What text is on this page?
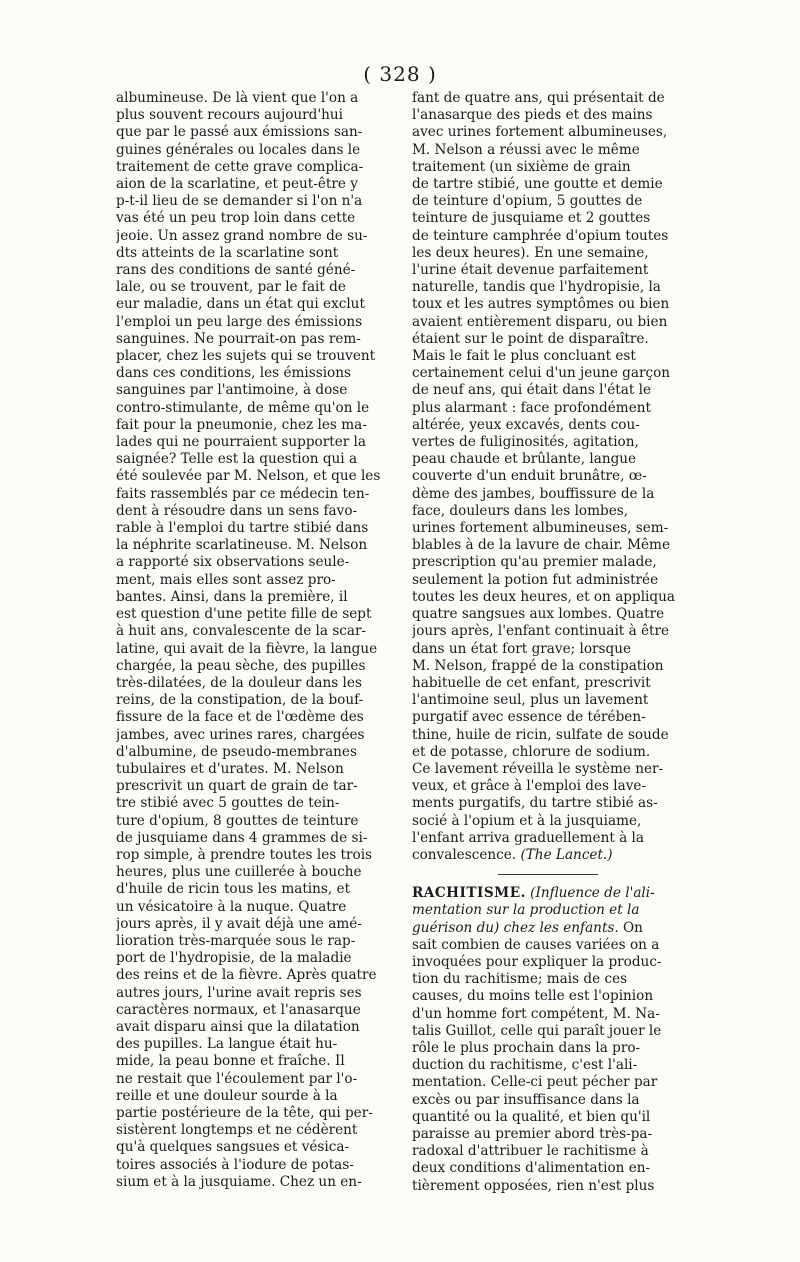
( 328 )
albumineuse. De là vient que l'on a
plus souvent recours aujourd'hui
que par le passé aux émissions san-
guines générales ou locales dans le
traitement de cette grave complica-
aion de la scarlatine, et peut-être y
p-t-il lieu de se demander si l'on n'a
vas été un peu trop loin dans cette
jeoie. Un assez grand nombre de su-
dts atteints de la scarlatine sont
rans des conditions de santé géné-
lale, ou se trouvent, par le fait de
eur maladie, dans un état qui exclut
l'emploi un peu large des émissions
sanguines. Ne pourrait-on pas rem-
placer, chez les sujets qui se trouvent
dans ces conditions, les émissions
sanguines par l'antimoine, à dose
contro-stimulante, de même qu'on le
fait pour la pneumonie, chez les ma-
lades qui ne pourraient supporter la
saignée? Telle est la question qui a
été soulevée par M. Nelson, et que les
faits rassemblés par ce médecin ten-
dent à résoudre dans un sens favo-
rable à l'emploi du tartre stibié dans
la néphrite scarlatineuse. M. Nelson
a rapporté six observations seule-
ment, mais elles sont assez pro-
bantes. Ainsi, dans la première, il
est question d'une petite fille de sept
à huit ans, convalescente de la scar-
latine, qui avait de la fièvre, la langue
chargée, la peau sèche, des pupilles
très-dilatées, de la douleur dans les
reins, de la constipation, de la bouf-
fissure de la face et de l'œdème des
jambes, avec urines rares, chargées
d'albumine, de pseudo-membranes
tubulaires et d'urates. M. Nelson
prescrivit un quart de grain de tar-
tre stibié avec 5 gouttes de tein-
ture d'opium, 8 gouttes de teinture
de jusquiame dans 4 grammes de si-
rop simple, à prendre toutes les trois
heures, plus une cuillerée à bouche
d'huile de ricin tous les matins, et
un vésicatoire à la nuque. Quatre
jours après, il y avait déjà une amé-
lioration très-marquée sous le rap-
port de l'hydropisie, de la maladie
des reins et de la fièvre. Après quatre
autres jours, l'urine avait repris ses
caractères normaux, et l'anasarque
avait disparu ainsi que la dilatation
des pupilles. La langue était hu-
mide, la peau bonne et fraîche. Il
ne restait que l'écoulement par l'o-
reille et une douleur sourde à la
partie postérieure de la tête, qui per-
sistèrent longtemps et ne cédèrent
qu'à quelques sangsues et vésica-
toires associés à l'iodure de potas-
sium et à la jusquiame. Chez un en-
fant de quatre ans, qui présentait de
l'anasarque des pieds et des mains
avec urines fortement albumineuses,
M. Nelson a réussi avec le même
traitement (un sixième de grain
de tartre stibié, une goutte et demie
de teinture d'opium, 5 gouttes de
teinture de jusquiame et 2 gouttes
de teinture camphrée d'opium toutes
les deux heures). En une semaine,
l'urine était devenue parfaitement
naturelle, tandis que l'hydropisie, la
toux et les autres symptômes ou bien
avaient entièrement disparu, ou bien
étaient sur le point de disparaître.
Mais le fait le plus concluant est
certainement celui d'un jeune garçon
de neuf ans, qui était dans l'état le
plus alarmant : face profondément
altérée, yeux excavés, dents cou-
vertes de fuliginosités, agitation,
peau chaude et brûlante, langue
couverte d'un enduit brunâtre, œ-
dème des jambes, bouffissure de la
face, douleurs dans les lombes,
urines fortement albumineuses, sem-
blables à de la lavure de chair. Même
prescription qu'au premier malade,
seulement la potion fut administrée
toutes les deux heures, et on appliqua
quatre sangsues aux lombes. Quatre
jours après, l'enfant continuait à être
dans un état fort grave; lorsque
M. Nelson, frappé de la constipation
habituelle de cet enfant, prescrivit
l'antimoine seul, plus un lavement
purgatif avec essence de térében-
thine, huile de ricin, sulfate de soude
et de potasse, chlorure de sodium.
Ce lavement réveilla le système ner-
veux, et grâce à l'emploi des lave-
ments purgatifs, du tartre stibié as-
socié à l'opium et à la jusquiame,
l'enfant arriva graduellement à la
convalescence. (The Lancet.)
RACHITISME. (Influence de l'ali-
mentation sur la production et la
guérison du) chez les enfants. On
sait combien de causes variées on a
invoquées pour expliquer la produc-
tion du rachitisme; mais de ces
causes, du moins telle est l'opinion
d'un homme fort compétent, M. Na-
talis Guillot, celle qui paraît jouer le
rôle le plus prochain dans la pro-
duction du rachitisme, c'est l'ali-
mentation. Celle-ci peut pécher par
excès ou par insuffisance dans la
quantité ou la qualité, et bien qu'il
paraisse au premier abord très-pa-
radoxal d'attribuer le rachitisme à
deux conditions d'alimentation en-
tièrement opposées, rien n'est plus
